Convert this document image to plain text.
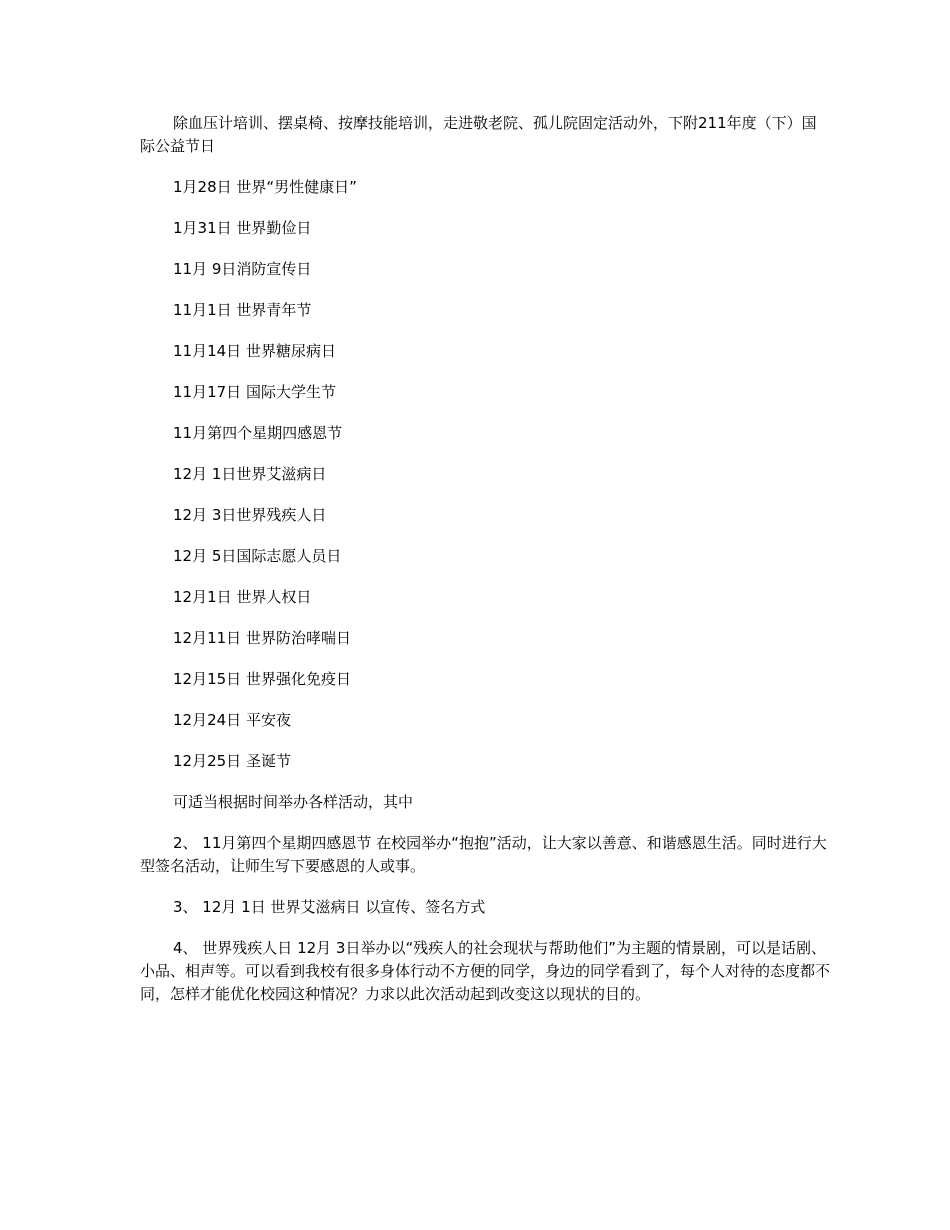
除血压计培训、摆桌椅、按摩技能培训，走进敬老院、孤儿院固定活动外，下附211年度（下）国际公益节日

1月28日 世界“男性健康日”

1月31日 世界勤俭日

11月 9日消防宣传日

11月1日 世界青年节

11月14日 世界糖尿病日

11月17日 国际大学生节

11月第四个星期四感恩节

12月 1日世界艾滋病日

12月 3日世界残疾人日

12月 5日国际志愿人员日

12月1日 世界人权日

12月11日 世界防治哮喘日

12月15日 世界强化免疫日

12月24日 平安夜

12月25日 圣诞节

可适当根据时间举办各样活动，其中

2、 11月第四个星期四感恩节 在校园举办“抱抱”活动，让大家以善意、和谐感恩生活。同时进行大型签名活动，让师生写下要感恩的人或事。

3、 12月 1日 世界艾滋病日 以宣传、签名方式

4、 世界残疾人日 12月 3日举办以“残疾人的社会现状与帮助他们”为主题的情景剧，可以是话剧、小品、相声等。可以看到我校有很多身体行动不方便的同学，身边的同学看到了，每个人对待的态度都不同，怎样才能优化校园这种情况？力求以此次活动起到改变这以现状的目的。
